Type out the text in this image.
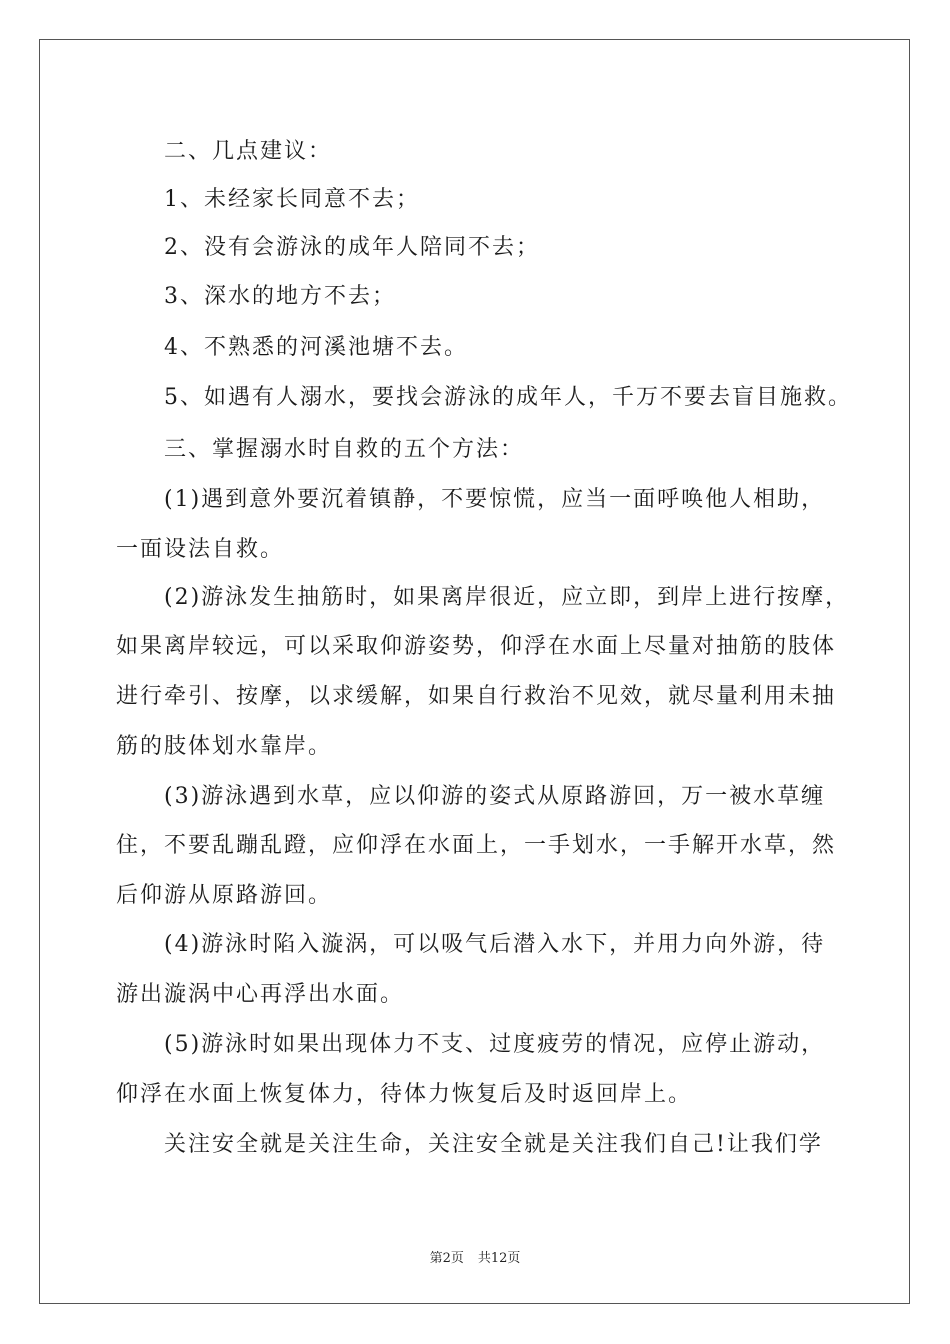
二、几点建议：
1、未经家长同意不去；
2、没有会游泳的成年人陪同不去；
3、深水的地方不去；
4、不熟悉的河溪池塘不去。
5、如遇有人溺水，要找会游泳的成年人，千万不要去盲目施救。
三、掌握溺水时自救的五个方法：
(1)遇到意外要沉着镇静，不要惊慌，应当一面呼唤他人相助，
一面设法自救。
(2)游泳发生抽筋时，如果离岸很近，应立即，到岸上进行按摩，
如果离岸较远，可以采取仰游姿势，仰浮在水面上尽量对抽筋的肢体
进行牵引、按摩，以求缓解，如果自行救治不见效，就尽量利用未抽
筋的肢体划水靠岸。
(3)游泳遇到水草，应以仰游的姿式从原路游回，万一被水草缠
住，不要乱蹦乱蹬，应仰浮在水面上，一手划水，一手解开水草，然
后仰游从原路游回。
(4)游泳时陷入漩涡，可以吸气后潜入水下，并用力向外游，待
游出漩涡中心再浮出水面。
(5)游泳时如果出现体力不支、过度疲劳的情况，应停止游动，
仰浮在水面上恢复体力，待体力恢复后及时返回岸上。
关注安全就是关注生命，关注安全就是关注我们自己!让我们学
第2页 共12页
